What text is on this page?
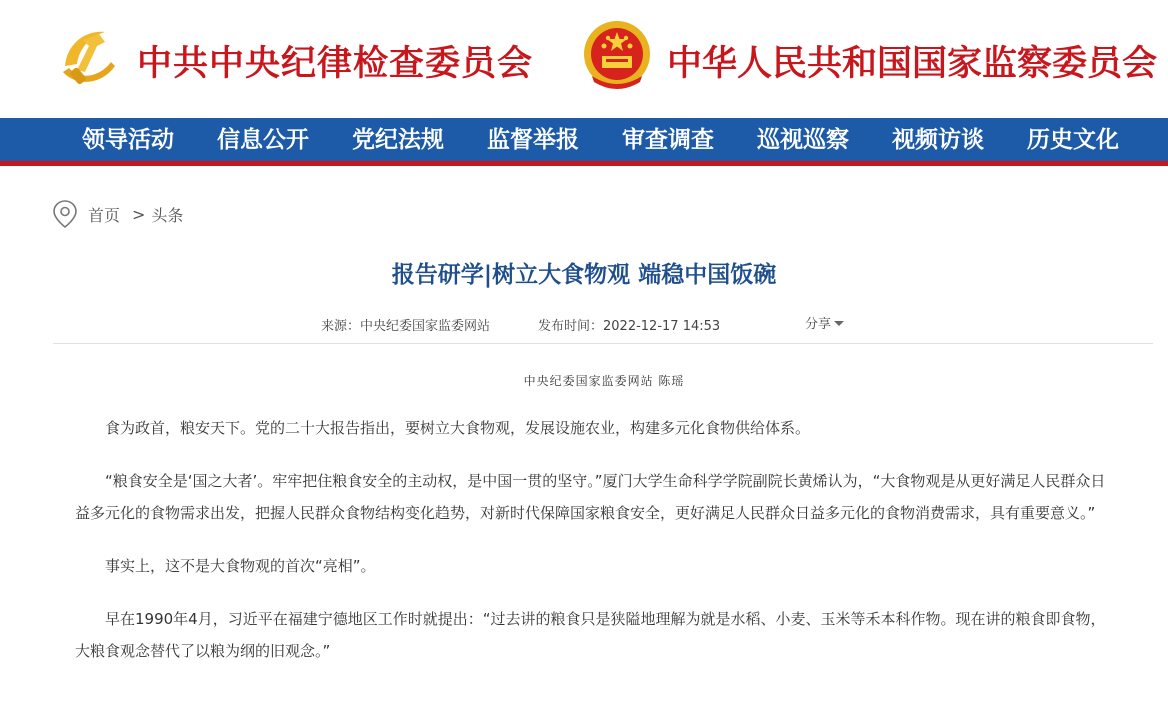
中共中央纪律检查委员会	中华人民共和国国家监察委员会
领导活动 信息公开 党纪法规 监督举报 审查调查 巡视巡察 视频访谈 历史文化
首页 > 头条
报告研学|树立大食物观 端稳中国饭碗
来源：中央纪委国家监委网站	发布时间：2022-12-17 14:53	分享
中央纪委国家监委网站 陈瑶

食为政首，粮安天下。党的二十大报告指出，要树立大食物观，发展设施农业，构建多元化食物供给体系。

“粮食安全是‘国之大者’。牢牢把住粮食安全的主动权，是中国一贯的坚守。”厦门大学生命科学学院副院长黄烯认为，“大食物观是从更好满足人民群众日益多元化的食物需求出发，把握人民群众食物结构变化趋势，对新时代保障国家粮食安全，更好满足人民群众日益多元化的食物消费需求，具有重要意义。”

事实上，这不是大食物观的首次“亮相”。

早在1990年4月，习近平在福建宁德地区工作时就提出：“过去讲的粮食只是狭隘地理解为就是水稻、小麦、玉米等禾本科作物。现在讲的粮食即食物，大粮食观念替代了以粮为纲的旧观念。”
